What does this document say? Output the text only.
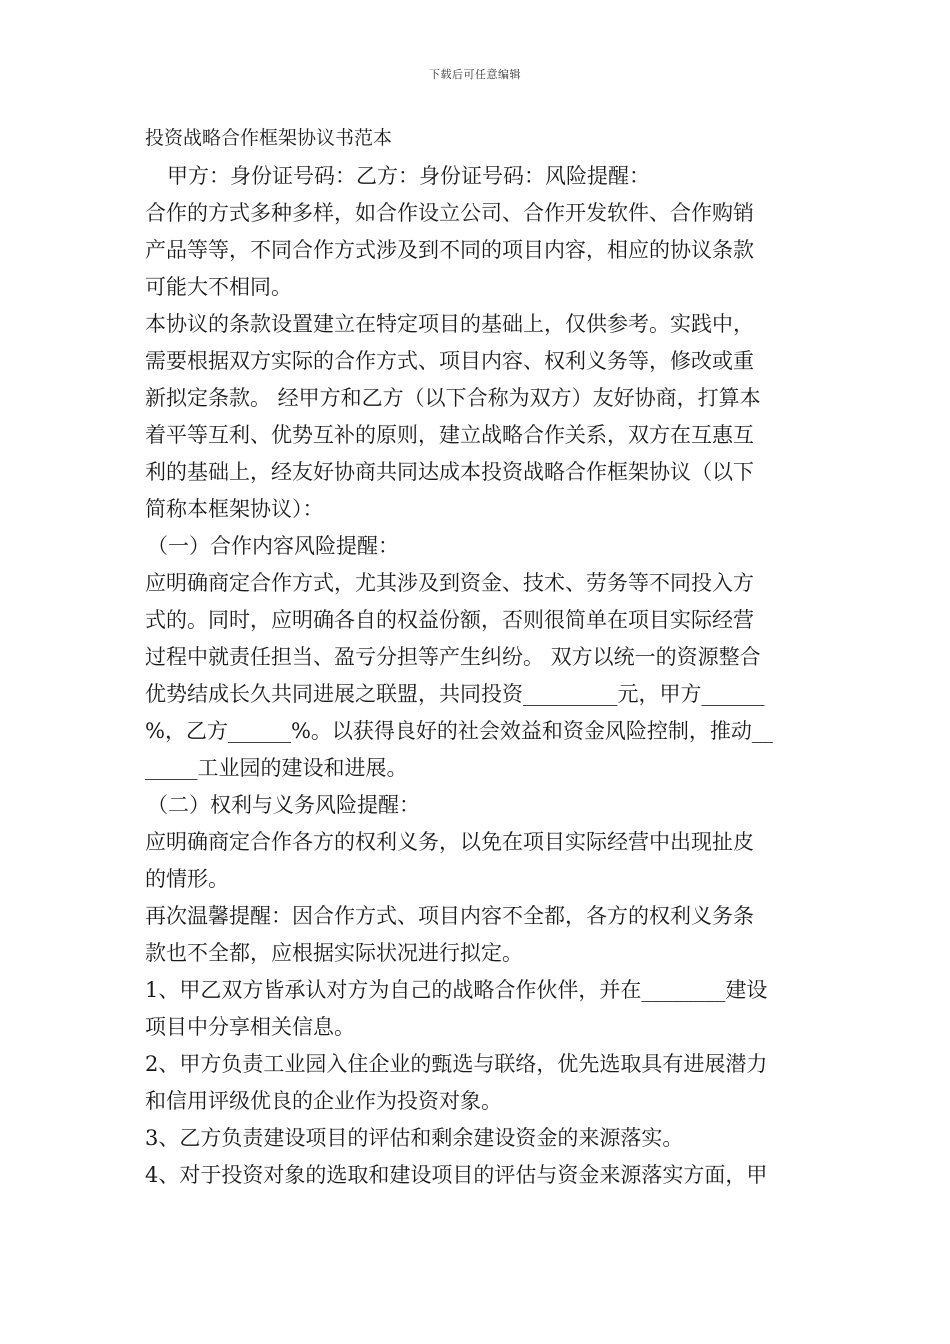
下载后可任意编辑
投资战略合作框架协议书范本
甲方：身份证号码：乙方：身份证号码：风险提醒：
合作的方式多种多样，如合作设立公司、合作开发软件、合作购销
产品等等，不同合作方式涉及到不同的项目内容，相应的协议条款
可能大不相同。
本协议的条款设置建立在特定项目的基础上，仅供参考。实践中，
需要根据双方实际的合作方式、项目内容、权利义务等，修改或重
新拟定条款。 经甲方和乙方（以下合称为双方）友好协商，打算本
着平等互利、优势互补的原则，建立战略合作关系，双方在互惠互
利的基础上，经友好协商共同达成本投资战略合作框架协议（以下
简称本框架协议）：
（一）合作内容风险提醒：
应明确商定合作方式，尤其涉及到资金、技术、劳务等不同投入方
式的。同时，应明确各自的权益份额，否则很简单在项目实际经营
过程中就责任担当、盈亏分担等产生纠纷。 双方以统一的资源整合
优势结成长久共同进展之联盟，共同投资_________元，甲方______
%，乙方______%。以获得良好的社会效益和资金风险控制，推动__
_____工业园的建设和进展。
（二）权利与义务风险提醒：
应明确商定合作各方的权利义务，以免在项目实际经营中出现扯皮
的情形。
再次温馨提醒：因合作方式、项目内容不全都，各方的权利义务条
款也不全都，应根据实际状况进行拟定。
1、甲乙双方皆承认对方为自己的战略合作伙伴，并在________建设
项目中分享相关信息。
2、甲方负责工业园入住企业的甄选与联络，优先选取具有进展潜力
和信用评级优良的企业作为投资对象。
3、乙方负责建设项目的评估和剩余建设资金的来源落实。
4、对于投资对象的选取和建设项目的评估与资金来源落实方面，甲
